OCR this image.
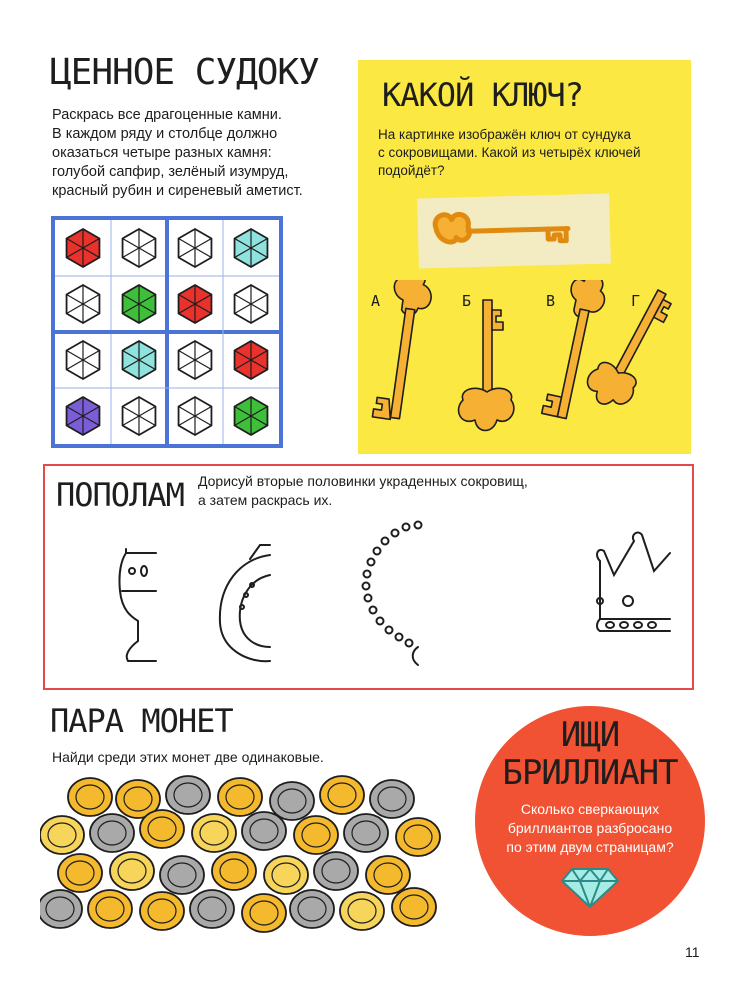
ЦЕННОЕ СУДОКУ
Раскрась все драгоценные камни.
В каждом ряду и столбце должно
оказаться четыре разных камня:
голубой сапфир, зелёный изумруд,
красный рубин и сиреневый аметист.
КАКОЙ КЛЮЧ?
На картинке изображён ключ от сундука
с сокровищами. Какой из четырёх ключей
подойдёт?
А	Б	В	Г
ПОПОЛАМ Дорисуй вторые половинки украденных сокровищ,
а затем раскрась их.
ПАРА МОНЕТ

Найди среди этих монет две одинаковые.

ИЩИ
БРИЛЛИАНТ
Сколько сверкающих
бриллиантов разбросано
по этим двум страницам?
11
